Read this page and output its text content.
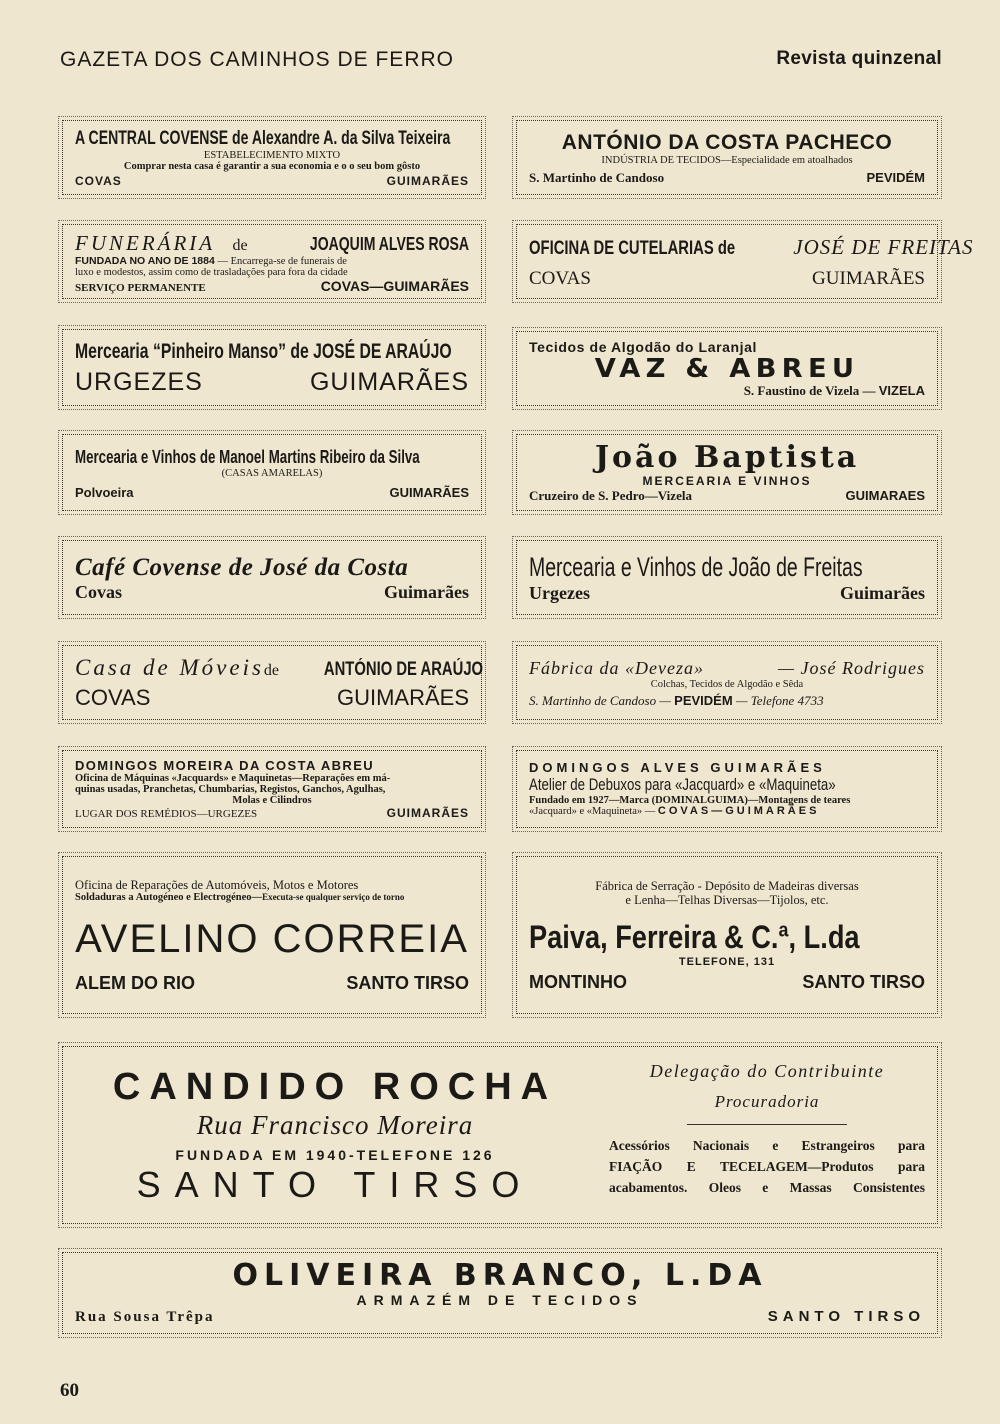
GAZETA DOS CAMINHOS DE FERRO	Revista quinzenal
A CENTRAL COVENSE de Alexandre A. da Silva Teixeira
ESTABELECIMENTO MIXTO
Comprar nesta casa é garantir a sua economia e o o seu bom gôsto
COVAS	GUIMARÃES
ANTÓNIO DA COSTA PACHECO
INDÚSTRIA DE TECIDOS—Especialidade em atoalhados
S. Martinho de Candoso	PEVIDÉM
FUNERÁRIA de	JOAQUIM ALVES ROSA
FUNDADA NO ANO DE 1884 — Encarrega-se de funerais de
luxo e modestos, assim como de trasladações para fora da cidade
SERVIÇO PERMANENTE	COVAS—GUIMARÃES
OFICINA DE CUTELARIAS de	JOSÉ DE FREITAS
COVAS	GUIMARÃES
Mercearia “Pinheiro Manso” de JOSÉ DE ARAÚJO
URGEZES	GUIMARÃES
Tecidos de Algodão do Laranjal
VAZ & ABREU
S. Faustino de Vizela — VIZELA
Mercearia e Vinhos de Manoel Martins Ribeiro da Silva
(CASAS AMARELAS)
Polvoeira	GUIMARÃES
João Baptista
MERCEARIA E VINHOS
Cruzeiro de S. Pedro—Vizela	GUIMARAES
Café Covense de José da Costa
Covas	Guimarães
Mercearia e Vinhos de João de Freitas
Urgezes	Guimarães
Casa de Móveis de ANTÓNIO DE ARAÚJO
COVAS	GUIMARÃES
Fábrica da «Deveza»	— José Rodrigues
Colchas, Tecidos de Algodão e Sêda
S. Martinho de Candoso — PEVIDÉM — Telefone 4733
DOMINGOS MOREIRA DA COSTA ABREU
Oficina de Máquinas «Jacquards» e Maquinetas—Reparações em má-
quinas usadas, Pranchetas, Chumbarias, Registos, Ganchos, Agulhas,
Molas e Cilindros
LUGAR DOS REMÉDIOS—URGEZES	GUIMARÃES
DOMINGOS ALVES GUIMARÃES
Atelier de Debuxos para «Jacquard» e «Maquineta»
Fundado em 1927—Marca (DOMINALGUIMA)—Montagens de teares
«Jacquard» e «Maquineta» — COVAS—GUIMARÃES
Oficina de Reparações de Automóveis, Motos e Motores
Soldaduras a Autogéneo e Electrogéneo—Executa-se qualquer serviço de torno
AVELINO CORREIA
ALEM DO RIO	SANTO TIRSO
Fábrica de Serração - Depósito de Madeiras diversas
e Lenha—Telhas Diversas—Tijolos, etc.
Paiva, Ferreira & C.ª, L.da
TELEFONE, 131
MONTINHO	SANTO TIRSO
CANDIDO ROCHA
Rua Francisco Moreira
FUNDADA EM 1940-TELEFONE 126
SANTO TIRSO
Delegação do Contribuinte
Procuradoria
Acessórios Nacionais e Estrangeiros para
FIAÇÃO E TECELAGEM—Produtos para
acabamentos. Oleos e Massas Consistentes
OLIVEIRA BRANCO, L.DA
ARMAZÉM DE TECIDOS
Rua Sousa Trêpa	SANTO TIRSO
60
